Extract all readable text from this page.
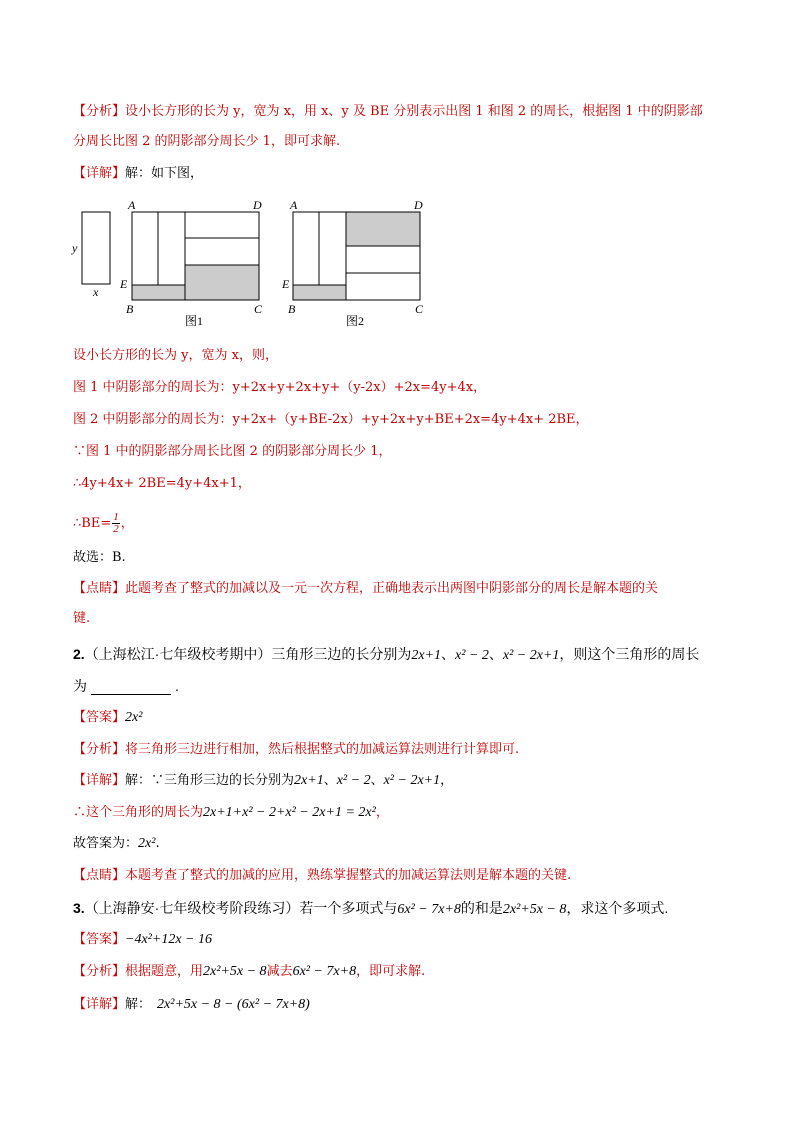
【分析】设小长方形的长为 y，宽为 x，用 x、y 及 BE 分别表示出图 1 和图 2 的周长，根据图 1 中的阴影部
分周长比图 2 的阴影部分周长少 1，即可求解.
【详解】解：如下图，
y
x
A	D
E
B	C
图1
A	D
E
B	C
图2
设小长方形的长为 y，宽为 x，则，
图 1 中阴影部分的周长为：y+2x+y+2x+y+（y-2x）+2x=4y+4x，
图 2 中阴影部分的周长为：y+2x+（y+BE-2x）+y+2x+y+BE+2x=4y+4x+ 2BE，
∵图 1 中的阴影部分周长比图 2 的阴影部分周长少 1，
∴4y+4x+ 2BE=4y+4x+1，
∴BE= $\frac{1}{2}$ ，
故选：B.
【点睛】此题考查了整式的加减以及一元一次方程，正确地表示出两图中阴影部分的周长是解本题的关
键.
2.（上海松江·七年级校考期中）三角形三边的长分别为2x+1、x² − 2、x² − 2x+1，则这个三角形的周长
为	.
【答案】2x²
【分析】将三角形三边进行相加，然后根据整式的加减运算法则进行计算即可.
【详解】解：∵三角形三边的长分别为2x+1、x² − 2、x² − 2x+1，
∴这个三角形的周长为2x+1+x² − 2+x² − 2x+1 = 2x²，
故答案为：2x².
【点睛】本题考查了整式的加减的应用，熟练掌握整式的加减运算法则是解本题的关键.
3.（上海静安·七年级校考阶段练习）若一个多项式与6x² − 7x+8的和是2x²+5x − 8，求这个多项式.
【答案】−4x²+12x − 16
【分析】根据题意，用2x²+5x − 8减去6x² − 7x+8，即可求解.
【详解】解： 2x²+5x − 8 − (6x² − 7x+8)
